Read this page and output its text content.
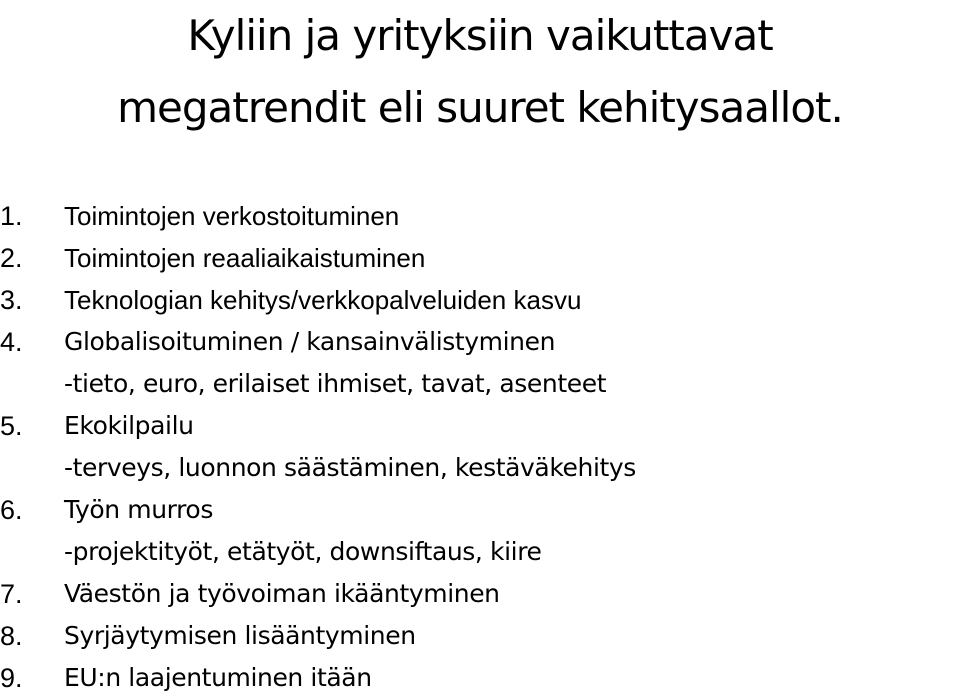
Kyliin ja yrityksiin vaikuttavat
megatrendit eli suuret kehitysaallot.
1. Toimintojen verkostoituminen
2. Toimintojen reaaliaikaistuminen
3. Teknologian kehitys/verkkopalveluiden kasvu
4. Globalisoituminen / kansainvälistyminen
-tieto, euro, erilaiset ihmiset, tavat, asenteet
5. Ekokilpailu
-terveys, luonnon säästäminen, kestäväkehitys
6. Työn murros
-projektityöt, etätyöt, downsiftaus, kiire
7. Väestön ja työvoiman ikääntyminen
8. Syrjäytymisen lisääntyminen
9. EU:n laajentuminen itään
